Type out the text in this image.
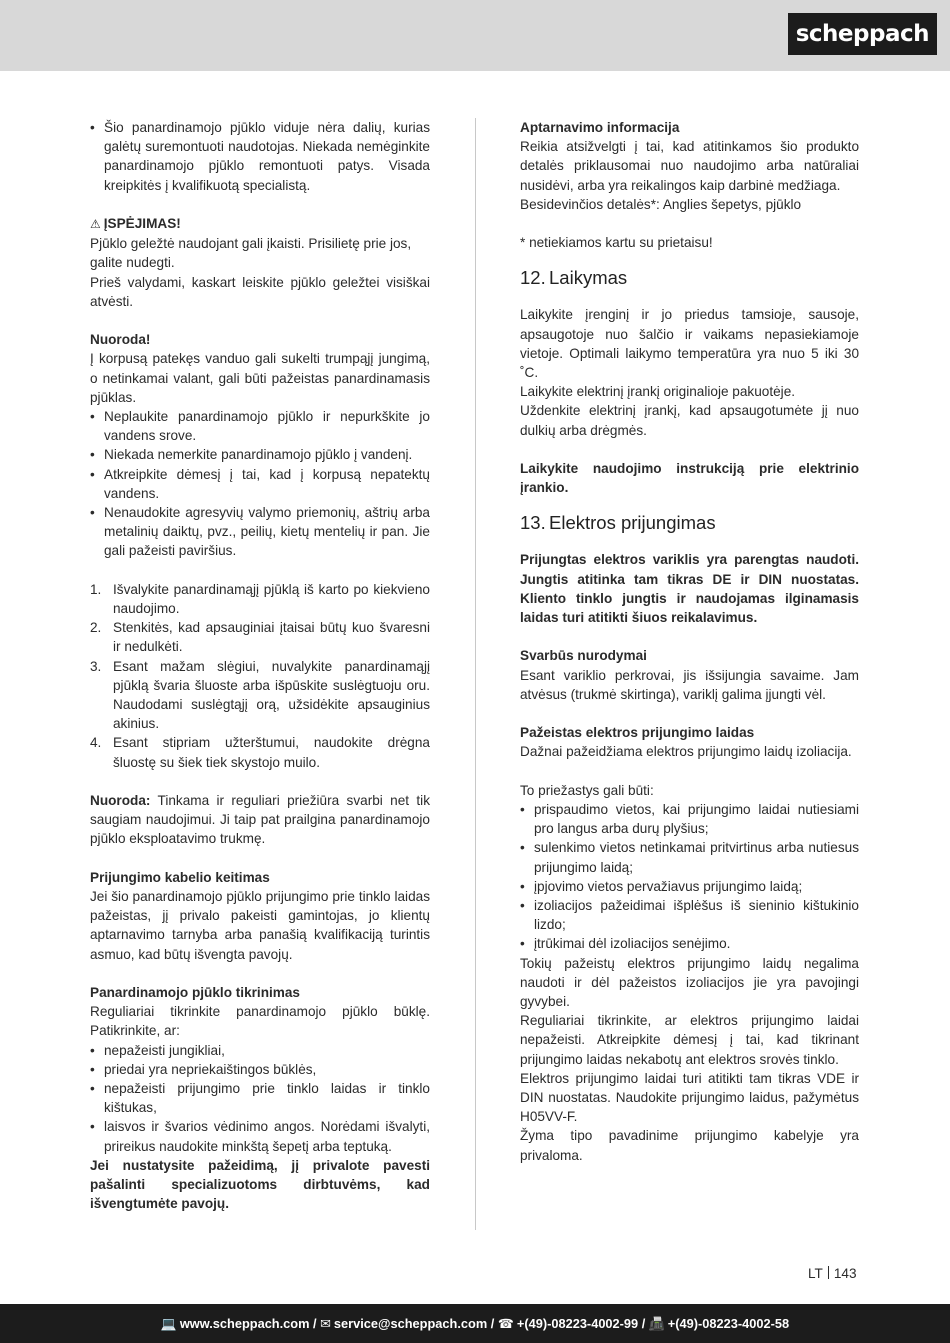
scheppach

• Šio panardinamojo pjūklo viduje nėra dalių, kurias galėtų suremontuoti naudotojas. Niekada nemėginkite panardinamojo pjūklo remontuoti patys. Visada kreipkitės į kvalifikuotą specialistą.

⚠ ĮSPĖJIMAS!

Pjūklo geležtė naudojant gali įkaisti. Prisilietę prie jos, galite nudegti.

Prieš valydami, kaskart leiskite pjūklo geležtei visiškai atvėsti.

Nuoroda!

Į korpusą patekęs vanduo gali sukelti trumpąjį jungimą, o netinkamai valant, gali būti pažeistas panardinamasis pjūklas.

• Neplaukite panardinamojo pjūklo ir nepurkškite jo vandens srove.

• Niekada nemerkite panardinamojo pjūklo į vandenį.

• Atkreipkite dėmesį į tai, kad į korpusą nepatektų vandens.

• Nenaudokite agresyvių valymo priemonių, aštrių arba metalinių daiktų, pvz., peilių, kietų mentelių ir pan. Jie gali pažeisti paviršius.

1. Išvalykite panardinamąjį pjūklą iš karto po kiekvieno naudojimo.

2. Stenkitės, kad apsauginiai įtaisai būtų kuo švaresni ir nedulkėti.

3. Esant mažam slėgiui, nuvalykite panardinamąjį pjūklą švaria šluoste arba išpūskite suslėgtuoju oru. Naudodami suslėgtąjį orą, užsidėkite apsauginius akinius.

4. Esant stipriam užterštumui, naudokite drėgna šluostę su šiek tiek skystojo muilo.

Nuoroda: Tinkama ir reguliari priežiūra svarbi net tik saugiam naudojimui. Ji taip pat prailgina panardinamojo pjūklo eksploatavimo trukmę.

Prijungimo kabelio keitimas

Jei šio panardinamojo pjūklo prijungimo prie tinklo laidas pažeistas, jį privalo pakeisti gamintojas, jo klientų aptarnavimo tarnyba arba panašią kvalifikaciją turintis asmuo, kad būtų išvengta pavojų.

Panardinamojo pjūklo tikrinimas

Reguliariai tikrinkite panardinamojo pjūklo būklę. Patikrinkite, ar:

• nepažeisti jungikliai,

• priedai yra nepriekaištingos būklės,

• nepažeisti prijungimo prie tinklo laidas ir tinklo kištukas,

• laisvos ir švarios vėdinimo angos. Norėdami išvalyti, prireikus naudokite minkštą šepetį arba teptuką.

Jei nustatysite pažeidimą, jį privalote pavesti pašalinti specializuotoms dirbtuvėms, kad išvengtumėte pavojų.

Aptarnavimo informacija

Reikia atsižvelgti į tai, kad atitinkamos šio produkto detalės priklausomai nuo naudojimo arba natūraliai nusidėvi, arba yra reikalingos kaip darbinė medžiaga.

Besidevinčios detalės*: Anglies šepetys, pjūklo

* netiekiamos kartu su prietaisu!

12. Laikymas

Laikykite įrenginį ir jo priedus tamsioje, sausoje, apsaugotoje nuo šalčio ir vaikams nepasiekiamoje vietoje. Optimali laikymo temperatūra yra nuo 5 iki 30 ˚C.

Laikykite elektrinį įrankį originalioje pakuotėje.

Uždenkite elektrinį įrankį, kad apsaugotumėte jį nuo dulkių arba drėgmės.

Laikykite naudojimo instrukciją prie elektrinio įrankio.

13. Elektros prijungimas

Prijungtas elektros variklis yra parengtas naudoti. Jungtis atitinka tam tikras DE ir DIN nuostatas. Kliento tinklo jungtis ir naudojamas ilginamasis laidas turi atitikti šiuos reikalavimus.

Svarbūs nurodymai

Esant variklio perkrovai, jis išsijungia savaime. Jam atvėsus (trukmė skirtinga), variklį galima įjungti vėl.

Pažeistas elektros prijungimo laidas

Dažnai pažeidžiama elektros prijungimo laidų izoliacija.

To priežastys gali būti:

• prispaudimo vietos, kai prijungimo laidai nutiesiami pro langus arba durų plyšius;

• sulenkimo vietos netinkamai pritvirtinus arba nutiesus prijungimo laidą;

• įpjovimo vietos pervažiavus prijungimo laidą;

• izoliacijos pažeidimai išplėšus iš sieninio kištukinio lizdo;

• įtrūkimai dėl izoliacijos senėjimo.

Tokių pažeistų elektros prijungimo laidų negalima naudoti ir dėl pažeistos izoliacijos jie yra pavojingi gyvybei.

Reguliariai tikrinkite, ar elektros prijungimo laidai nepažeisti. Atkreipkite dėmesį į tai, kad tikrinant prijungimo laidas nekabotų ant elektros srovės tinklo.

Elektros prijungimo laidai turi atitikti tam tikras VDE ir DIN nuostatas. Naudokite prijungimo laidus, pažymėtus H05VV-F.

Žyma tipo pavadinime prijungimo kabelyje yra privaloma.

LT 143
💻 www.scheppach.com / ✉ service@scheppach.com / ☎ +(49)-08223-4002-99 / 📠 +(49)-08223-4002-58
